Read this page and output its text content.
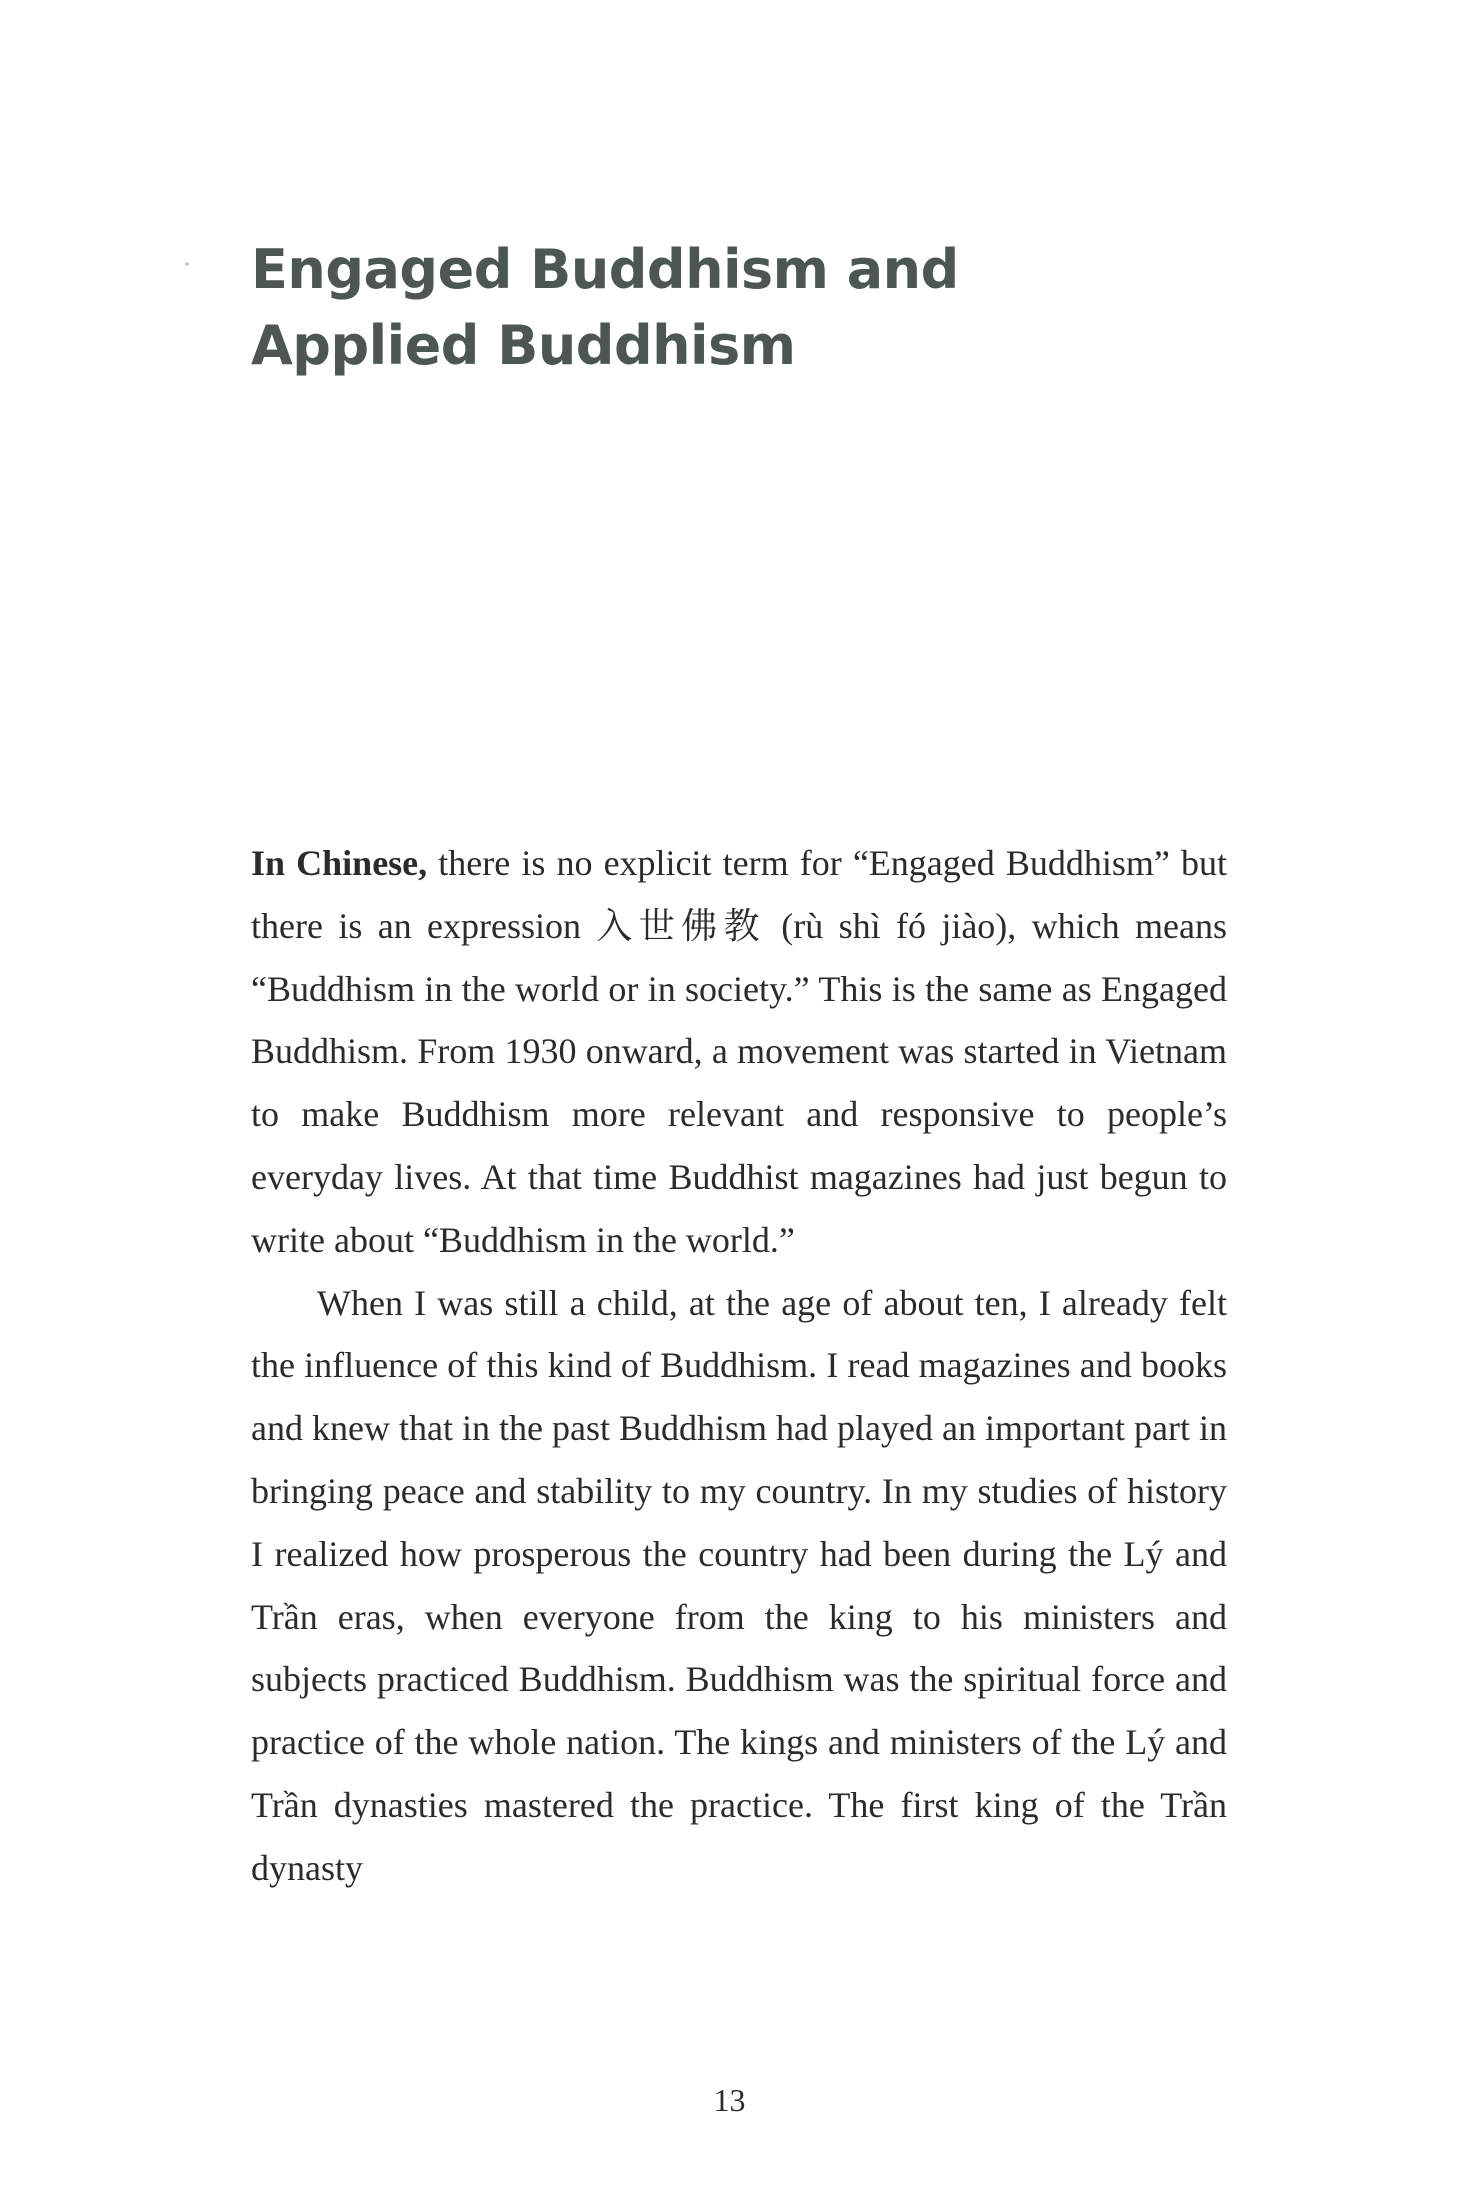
Engaged Buddhism and
Applied Buddhism

In Chinese, there is no explicit term for “Engaged Buddhism” but there is an expression 入世佛教 (rù shì fó jiào), which means “Buddhism in the world or in society.” This is the same as Engaged Buddhism. From 1930 onward, a movement was started in Vietnam to make Buddhism more relevant and responsive to people’s everyday lives. At that time Buddhist magazines had just begun to write about “Buddhism in the world.”

When I was still a child, at the age of about ten, I already felt the influence of this kind of Buddhism. I read magazines and books and knew that in the past Buddhism had played an important part in bringing peace and stability to my country. In my studies of history I realized how prosperous the country had been during the Lý and Trần eras, when everyone from the king to his ministers and subjects practiced Buddhism. Buddhism was the spiritual force and practice of the whole nation. The kings and ministers of the Lý and Trần dynasties mastered the practice. The first king of the Trần dynasty

13
